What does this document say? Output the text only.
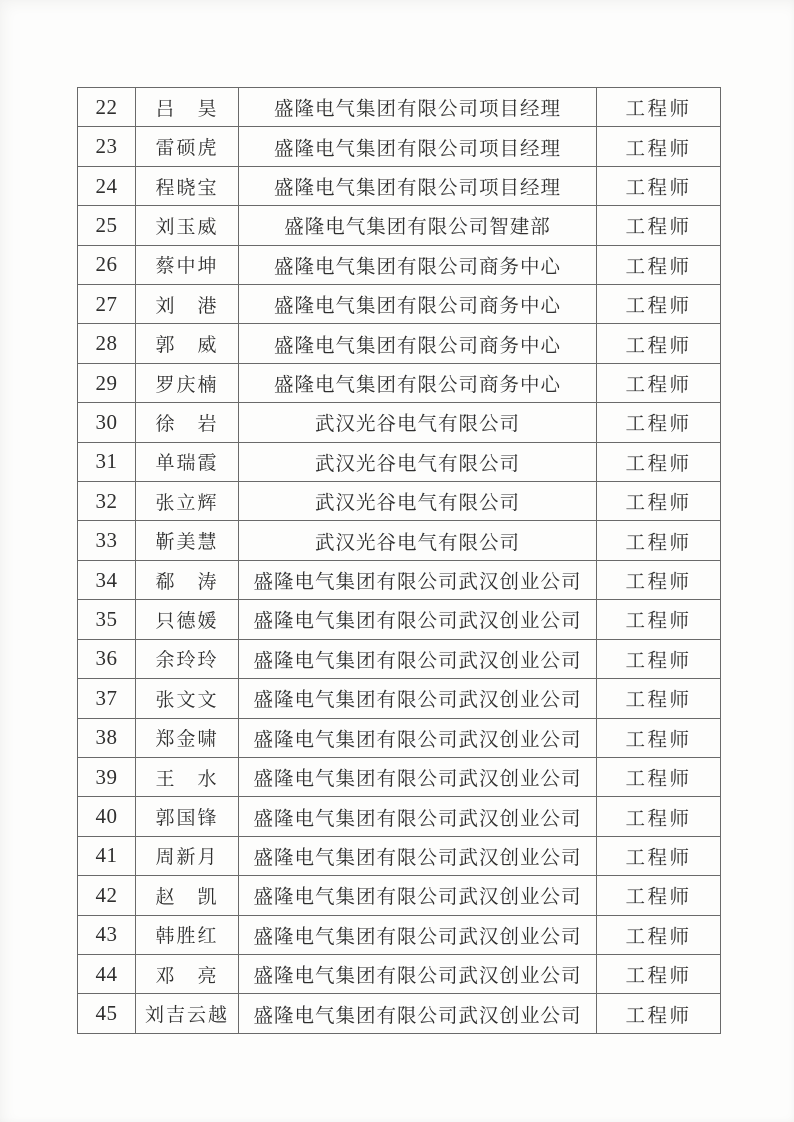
22	吕　昊	盛隆电气集团有限公司项目经理	工程师
23	雷硕虎	盛隆电气集团有限公司项目经理	工程师
24	程晓宝	盛隆电气集团有限公司项目经理	工程师
25	刘玉威	盛隆电气集团有限公司智建部	工程师
26	蔡中坤	盛隆电气集团有限公司商务中心	工程师
27	刘　港	盛隆电气集团有限公司商务中心	工程师
28	郭　威	盛隆电气集团有限公司商务中心	工程师
29	罗庆楠	盛隆电气集团有限公司商务中心	工程师
30	徐　岩	武汉光谷电气有限公司	工程师
31	单瑞霞	武汉光谷电气有限公司	工程师
32	张立辉	武汉光谷电气有限公司	工程师
33	靳美慧	武汉光谷电气有限公司	工程师
34	郗　涛	盛隆电气集团有限公司武汉创业公司	工程师
35	只德媛	盛隆电气集团有限公司武汉创业公司	工程师
36	余玲玲	盛隆电气集团有限公司武汉创业公司	工程师
37	张文文	盛隆电气集团有限公司武汉创业公司	工程师
38	郑金啸	盛隆电气集团有限公司武汉创业公司	工程师
39	王　水	盛隆电气集团有限公司武汉创业公司	工程师
40	郭国锋	盛隆电气集团有限公司武汉创业公司	工程师
41	周新月	盛隆电气集团有限公司武汉创业公司	工程师
42	赵　凯	盛隆电气集团有限公司武汉创业公司	工程师
43	韩胜红	盛隆电气集团有限公司武汉创业公司	工程师
44	邓　亮	盛隆电气集团有限公司武汉创业公司	工程师
45	刘吉云越	盛隆电气集团有限公司武汉创业公司	工程师
